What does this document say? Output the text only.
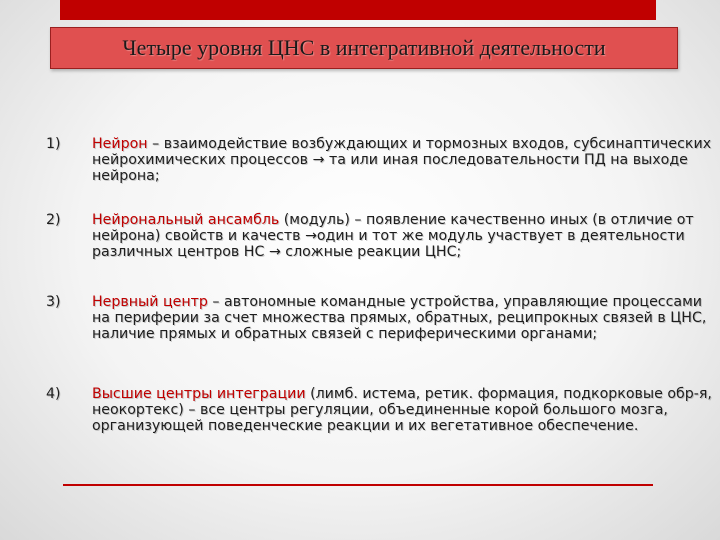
Четыре уровня ЦНС в интегративной деятельности
1) Нейрон – взаимодействие возбуждающих и тормозных входов, субсинаптических нейрохимических процессов → та или иная последовательности ПД на выходе нейрона;
2) Нейрональный ансамбль (модуль) – появление качественно иных (в отличие от нейрона) свойств и качеств →один и тот же модуль участвует в деятельности различных центров НС → сложные реакции ЦНС;
3) Нервный центр – автономные командные устройства, управляющие процессами на периферии за счет множества прямых, обратных, реципрокных связей в ЦНС, наличие прямых и обратных связей с периферическими органами;
4) Высшие центры интеграции (лимб. истема, ретик. формация, подкорковые обр-я, неокортекс) – все центры регуляции, объединенные корой большого мозга, организующей поведенческие реакции и их вегетативное обеспечение.
